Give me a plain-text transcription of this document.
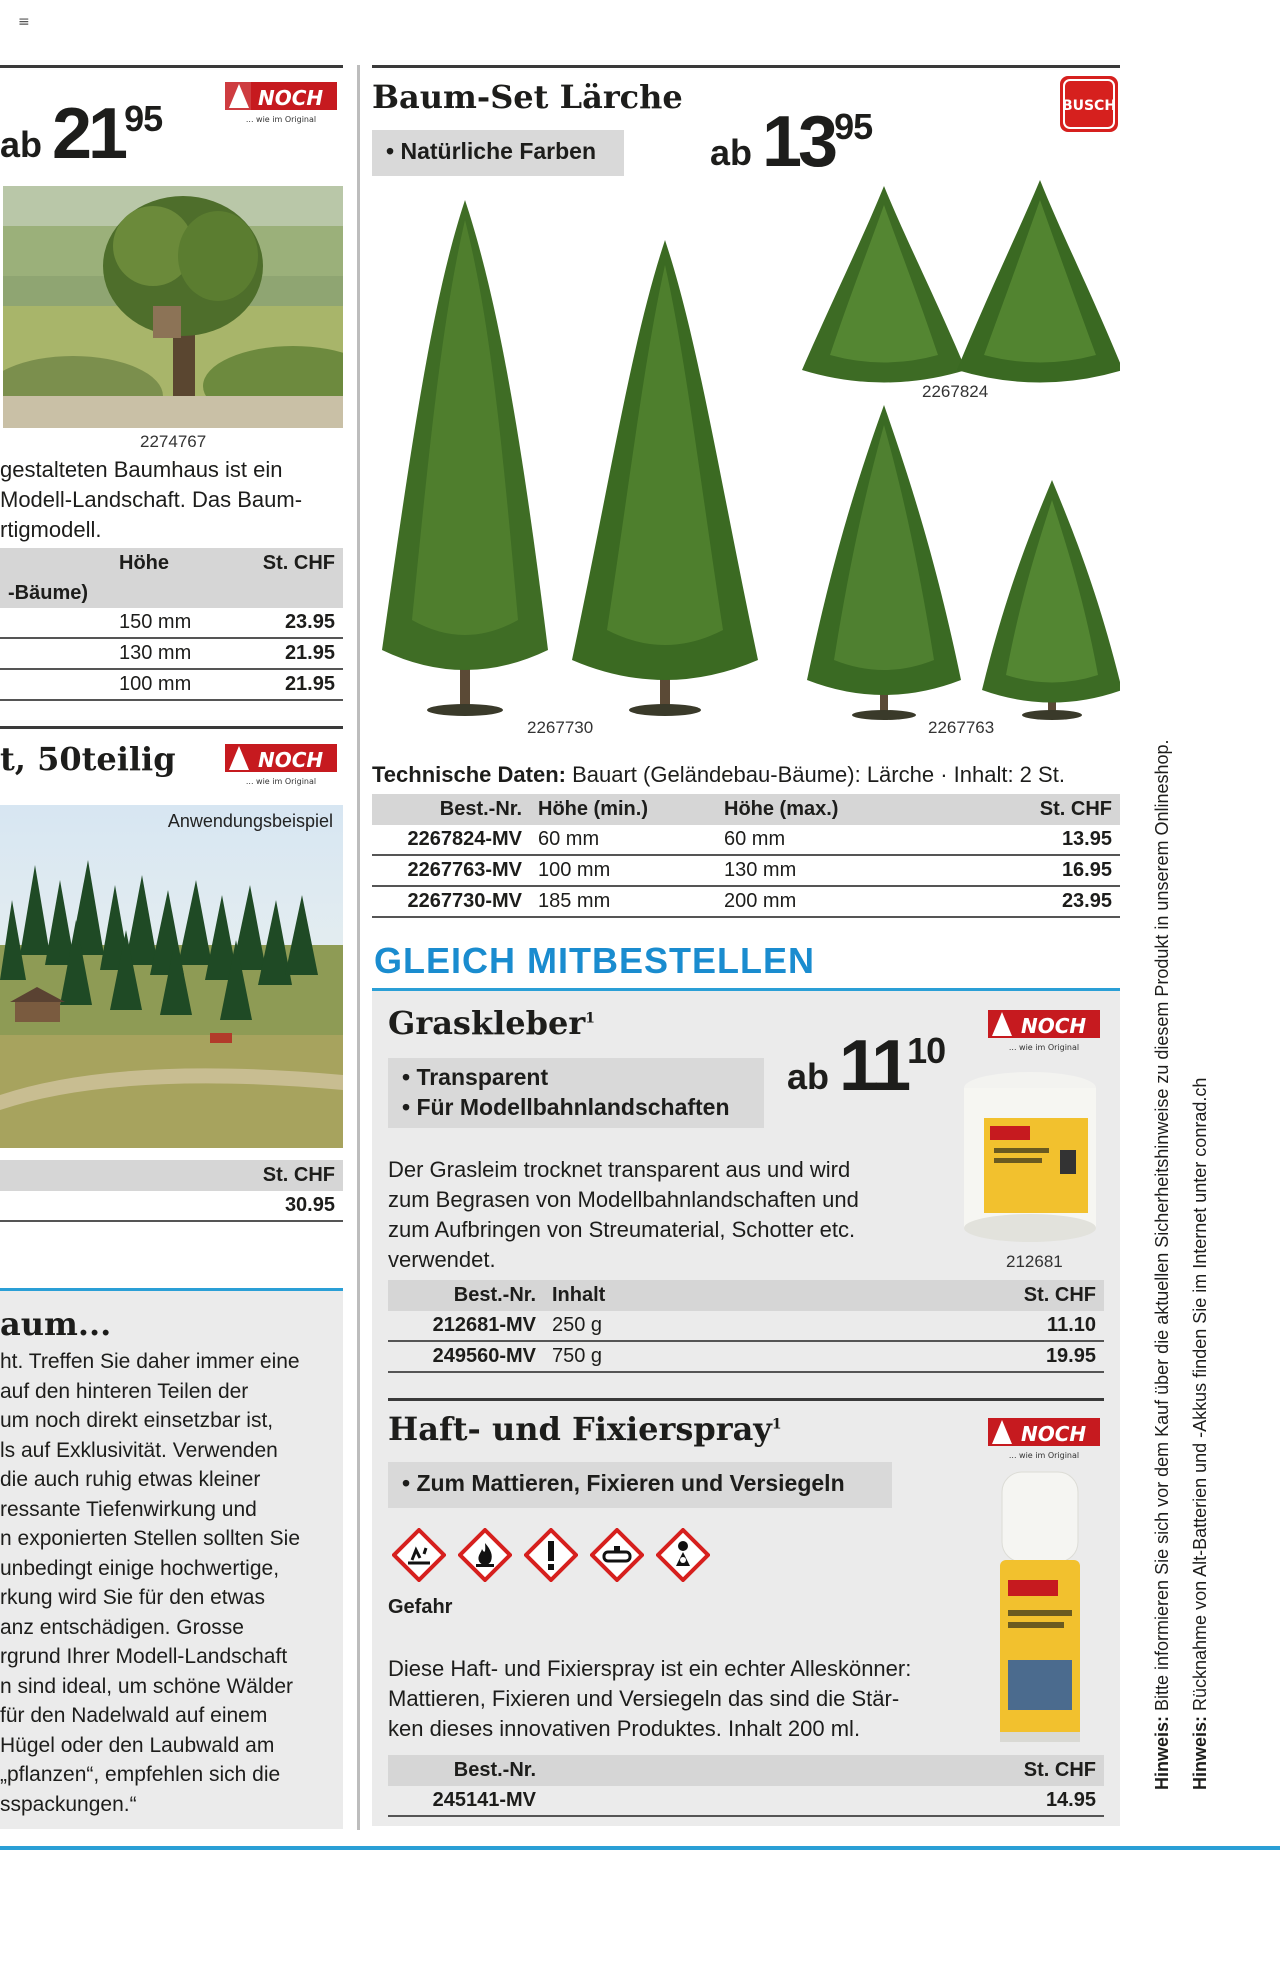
≡
ab 21 95	NOCH
... wie im Original
2274767
gestalteten Baumhaus ist ein
Modell-Landschaft. Das Baum-
rtigmodell.
	Höhe	St. CHF
-Bäume)		
	150 mm	23.95
	130 mm	21.95
	100 mm	21.95
t, 50teilig	NOCH
... wie im Original
Anwendungsbeispiel
	St. CHF
	30.95
aum...
ht. Treffen Sie daher immer eine
auf den hinteren Teilen der
um noch direkt einsetzbar ist,
ls auf Exklusivität. Verwenden
die auch ruhig etwas kleiner
ressante Tiefenwirkung und
n exponierten Stellen sollten Sie
unbedingt einige hochwertige,
rkung wird Sie für den etwas
anz entschädigen. Grosse
rgrund Ihrer Modell-Landschaft
n sind ideal, um schöne Wälder
für den Nadelwald auf einem
Hügel oder den Laubwald am
„pflanzen“, empfehlen sich die
sspackungen.“
Baum-Set Lärche
• Natürliche Farben	ab 13 95	BUSCH
2267824
2267730	2267763
Technische Daten: Bauart (Geländebau-Bäume): Lärche · Inhalt: 2 St.
Best.-Nr.	Höhe (min.)	Höhe (max.)	St. CHF
2267824-MV	60 mm	60 mm	13.95
2267763-MV	100 mm	130 mm	16.95
2267730-MV	185 mm	200 mm	23.95
GLEICH MITBESTELLEN
Graskleber$^1$
• Transparent
• Für Modellbahnlandschaften
ab 11 10
NOCH
... wie im Original
212681
Der Grasleim trocknet transparent aus und wird
zum Begrasen von Modellbahnlandschaften und
zum Aufbringen von Streumaterial, Schotter etc.
verwendet.
Best.-Nr.	Inhalt	St. CHF
212681-MV	250 g	11.10
249560-MV	750 g	19.95
Haft- und Fixierspray$^1$
• Zum Mattieren, Fixieren und Versiegeln
NOCH
... wie im Original
Gefahr
Diese Haft- und Fixierspray ist ein echter Alleskönner:
Mattieren, Fixieren und Versiegeln das sind die Stär-
ken dieses innovativen Produktes. Inhalt 200 ml.
Best.-Nr.	St. CHF
245141-MV	14.95
Hinweis: Bitte informieren Sie sich vor dem Kauf über die aktuellen Sicherheitshinweise zu diesem Produkt in unserem Onlineshop.
Hinweis: Rücknahme von Alt-Batterien und -Akkus finden Sie im Internet unter conrad.ch
